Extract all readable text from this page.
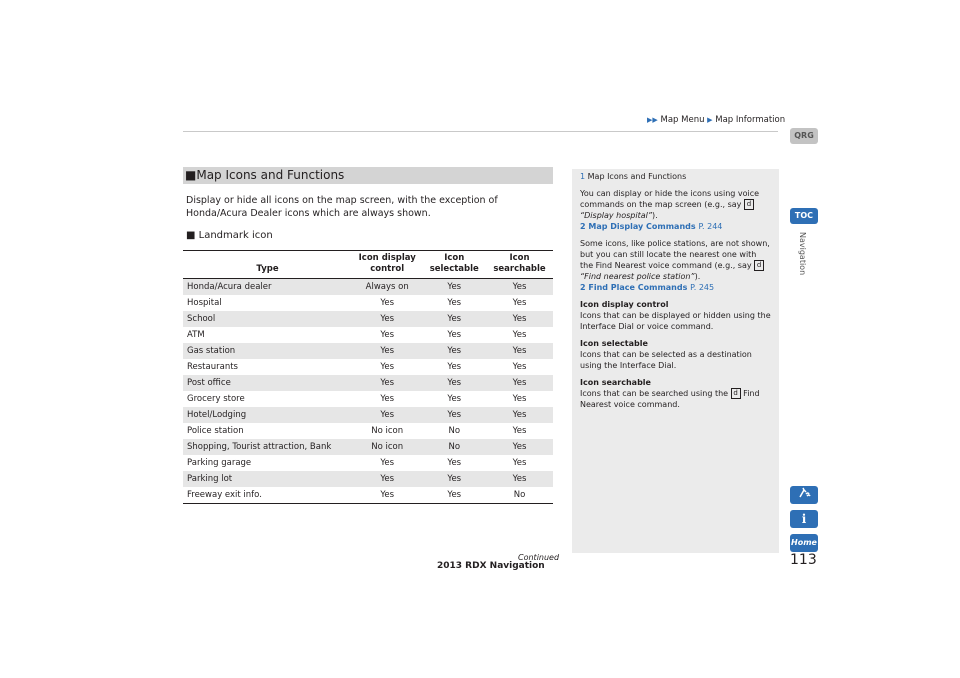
▶▶ Map Menu ▶ Map Information
■Map Icons and Functions
Display or hide all icons on the map screen, with the exception of Honda/Acura Dealer icons which are always shown.
■ Landmark icon
Type	Icon display control	Icon selectable	Icon searchable
Honda/Acura dealer	Always on	Yes	Yes
Hospital	Yes	Yes	Yes
School	Yes	Yes	Yes
ATM	Yes	Yes	Yes
Gas station	Yes	Yes	Yes
Restaurants	Yes	Yes	Yes
Post office	Yes	Yes	Yes
Grocery store	Yes	Yes	Yes
Hotel/Lodging	Yes	Yes	Yes
Police station	No icon	No	Yes
Shopping, Tourist attraction, Bank	No icon	No	Yes
Parking garage	Yes	Yes	Yes
Parking lot	Yes	Yes	Yes
Freeway exit info.	Yes	Yes	No

1 Map Icons and Functions

You can display or hide the icons using voice commands on the map screen (e.g., say d “Display hospital”).
2 Map Display Commands P. 244

Some icons, like police stations, are not shown, but you can still locate the nearest one with the Find Nearest voice command (e.g., say d “Find nearest police station”).
2 Find Place Commands P. 245

Icon display control
Icons that can be displayed or hidden using the Interface Dial or voice command.

Icon selectable
Icons that can be selected as a destination using the Interface Dial.

Icon searchable
Icons that can be searched using the d Find Nearest voice command.

Continued
2013 RDX Navigation	113
QRG
TOC
Navigation
i
Home
